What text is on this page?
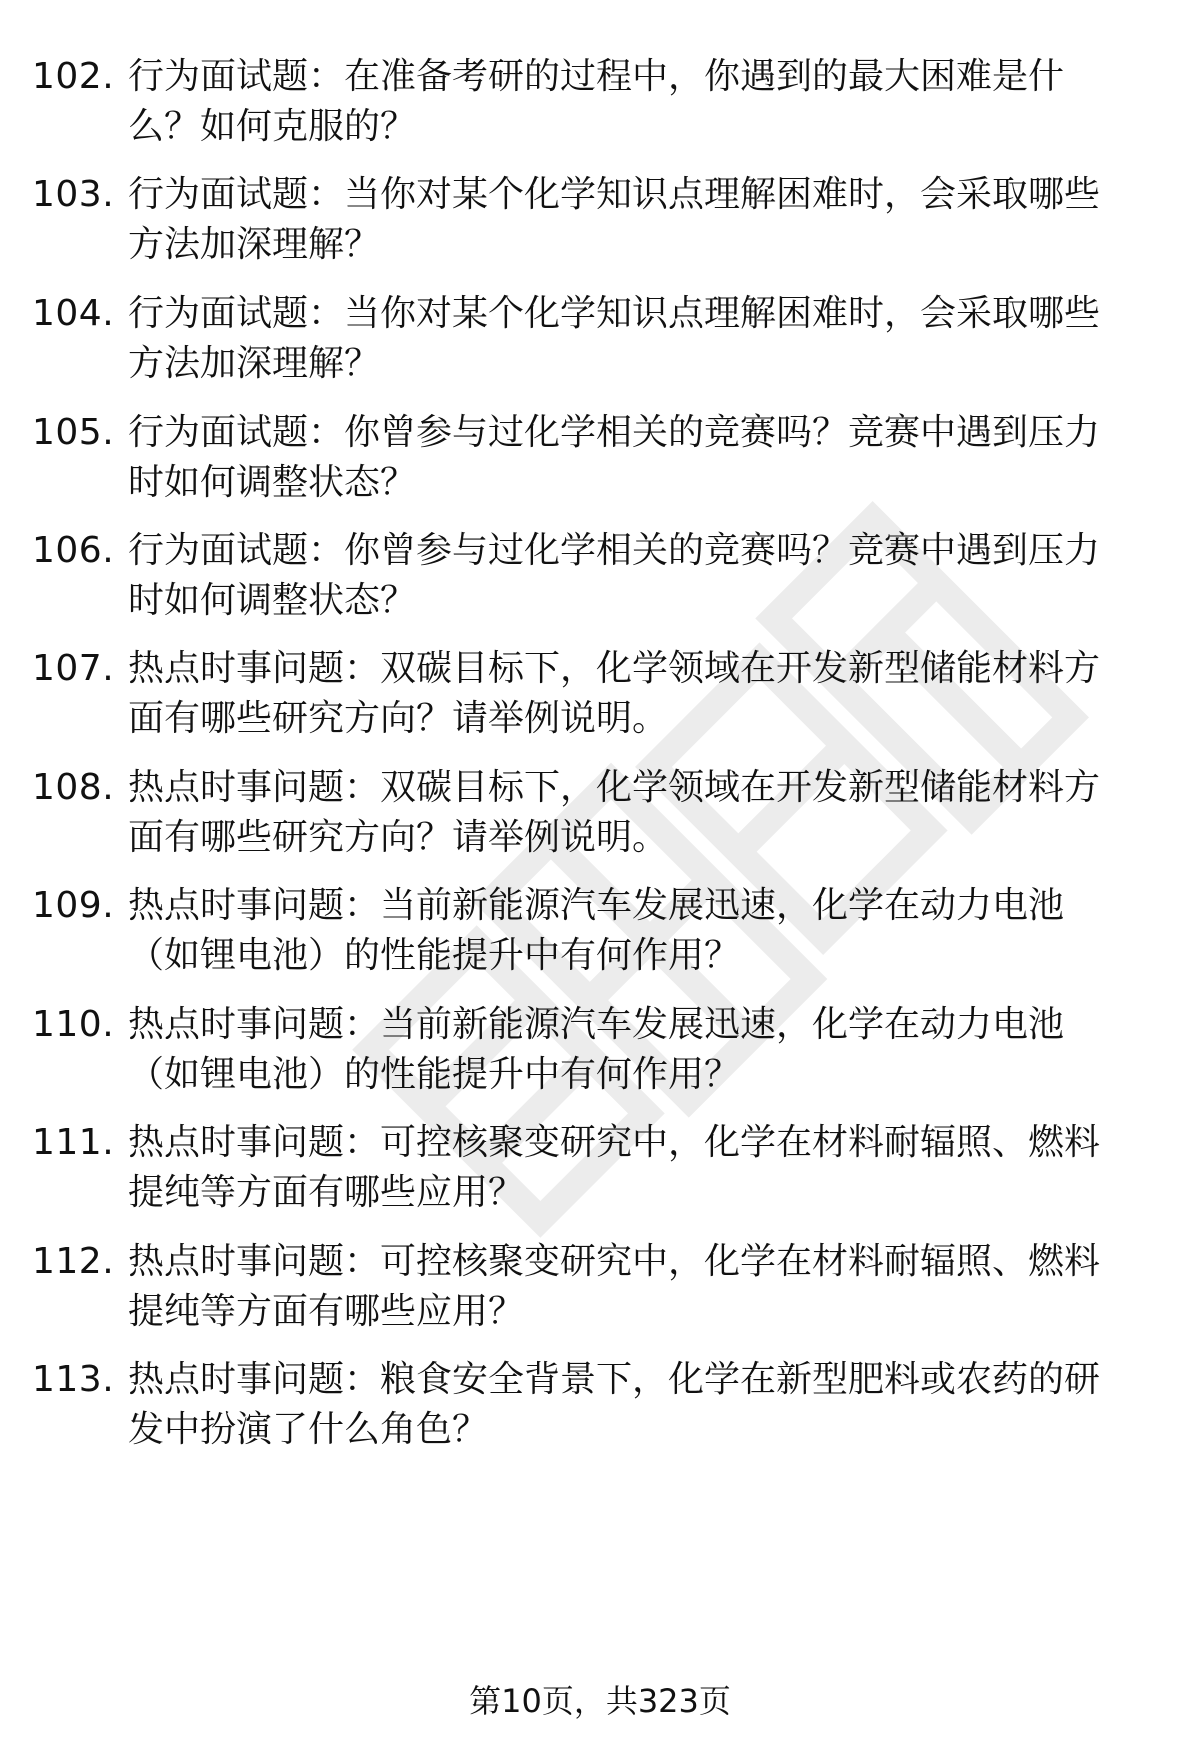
102. 行为面试题：在准备考研的过程中，你遇到的最大困难是什么？如何克服的？
103. 行为面试题：当你对某个化学知识点理解困难时，会采取哪些方法加深理解？
104. 行为面试题：当你对某个化学知识点理解困难时，会采取哪些方法加深理解？
105. 行为面试题：你曾参与过化学相关的竞赛吗？竞赛中遇到压力时如何调整状态？
106. 行为面试题：你曾参与过化学相关的竞赛吗？竞赛中遇到压力时如何调整状态？
107. 热点时事问题：双碳目标下，化学领域在开发新型储能材料方面有哪些研究方向？请举例说明。
108. 热点时事问题：双碳目标下，化学领域在开发新型储能材料方面有哪些研究方向？请举例说明。
109. 热点时事问题：当前新能源汽车发展迅速，化学在动力电池（如锂电池）的性能提升中有何作用？
110. 热点时事问题：当前新能源汽车发展迅速，化学在动力电池（如锂电池）的性能提升中有何作用？
111. 热点时事问题：可控核聚变研究中，化学在材料耐辐照、燃料提纯等方面有哪些应用？
112. 热点时事问题：可控核聚变研究中，化学在材料耐辐照、燃料提纯等方面有哪些应用？
113. 热点时事问题：粮食安全背景下，化学在新型肥料或农药的研发中扮演了什么角色？
第10页，共323页
